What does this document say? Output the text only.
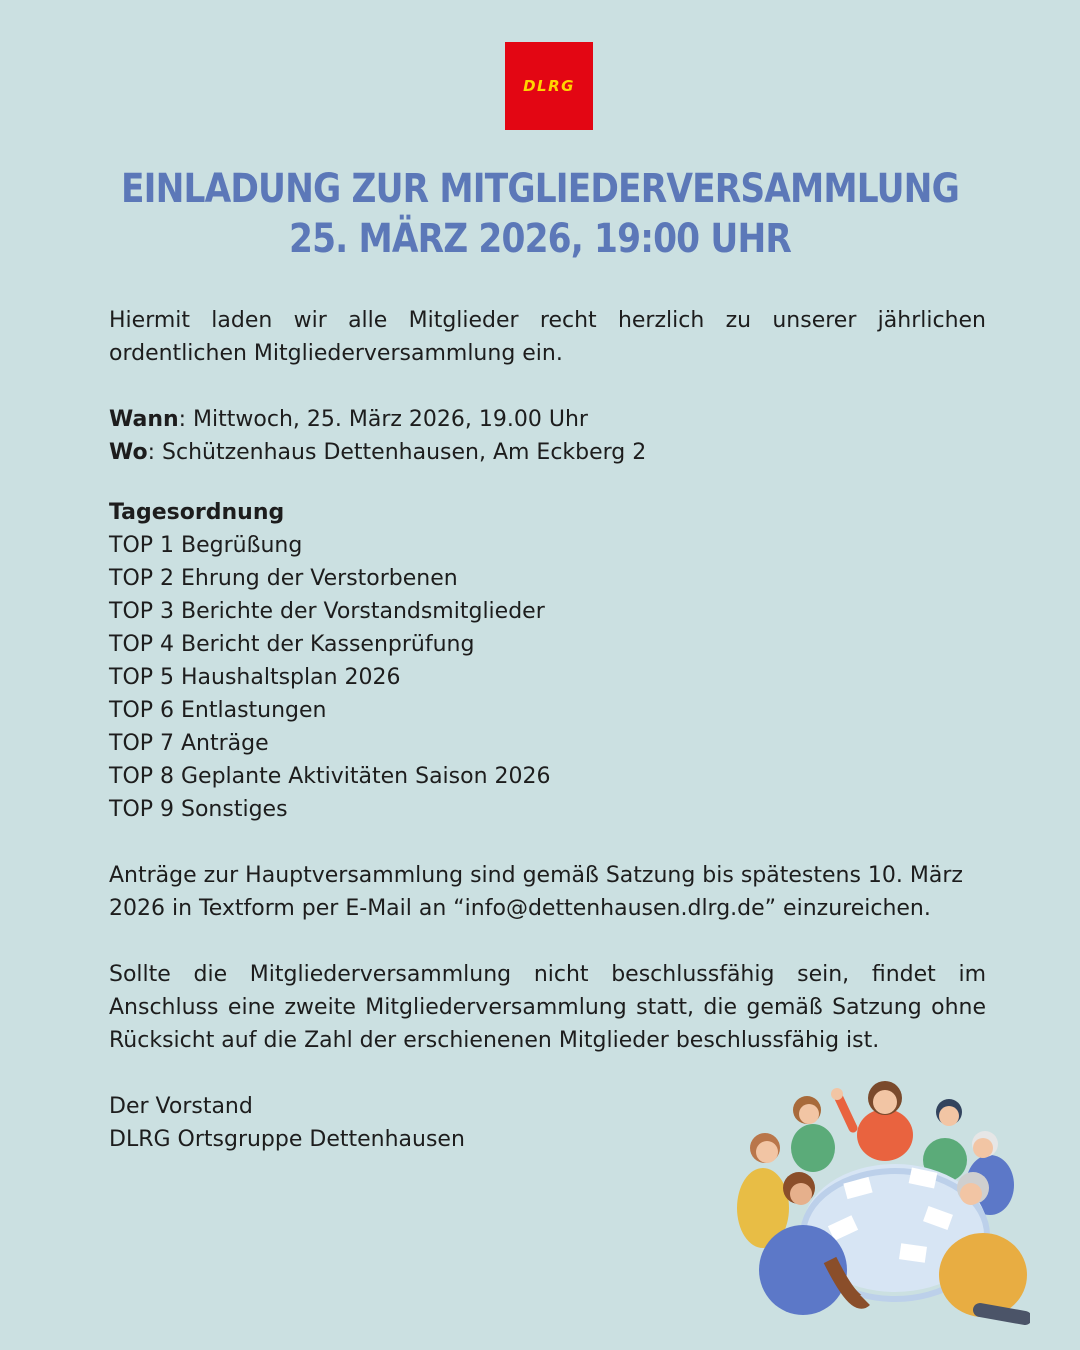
DLRG
EINLADUNG ZUR MITGLIEDERVERSAMMLUNG
25. MÄRZ 2026, 19:00 UHR

Hiermit laden wir alle Mitglieder recht herzlich zu unserer jährlichen ordentlichen Mitgliederversammlung ein.

Wann: Mittwoch, 25. März 2026, 19.00 Uhr

Wo: Schützenhaus Dettenhausen, Am Eckberg 2

Tagesordnung

TOP 1 Begrüßung

TOP 2 Ehrung der Verstorbenen

TOP 3 Berichte der Vorstandsmitglieder

TOP 4 Bericht der Kassenprüfung

TOP 5 Haushaltsplan 2026

TOP 6 Entlastungen

TOP 7 Anträge

TOP 8 Geplante Aktivitäten Saison 2026

TOP 9 Sonstiges

Anträge zur Hauptversammlung sind gemäß Satzung bis spätestens 10. März 2026 in Textform per E-Mail an “info@dettenhausen.dlrg.de” einzureichen.

Sollte die Mitgliederversammlung nicht beschlussfähig sein, findet im Anschluss eine zweite Mitgliederversammlung statt, die gemäß Satzung ohne Rücksicht auf die Zahl der erschienenen Mitglieder beschlussfähig ist.

Der Vorstand

DLRG Ortsgruppe Dettenhausen
